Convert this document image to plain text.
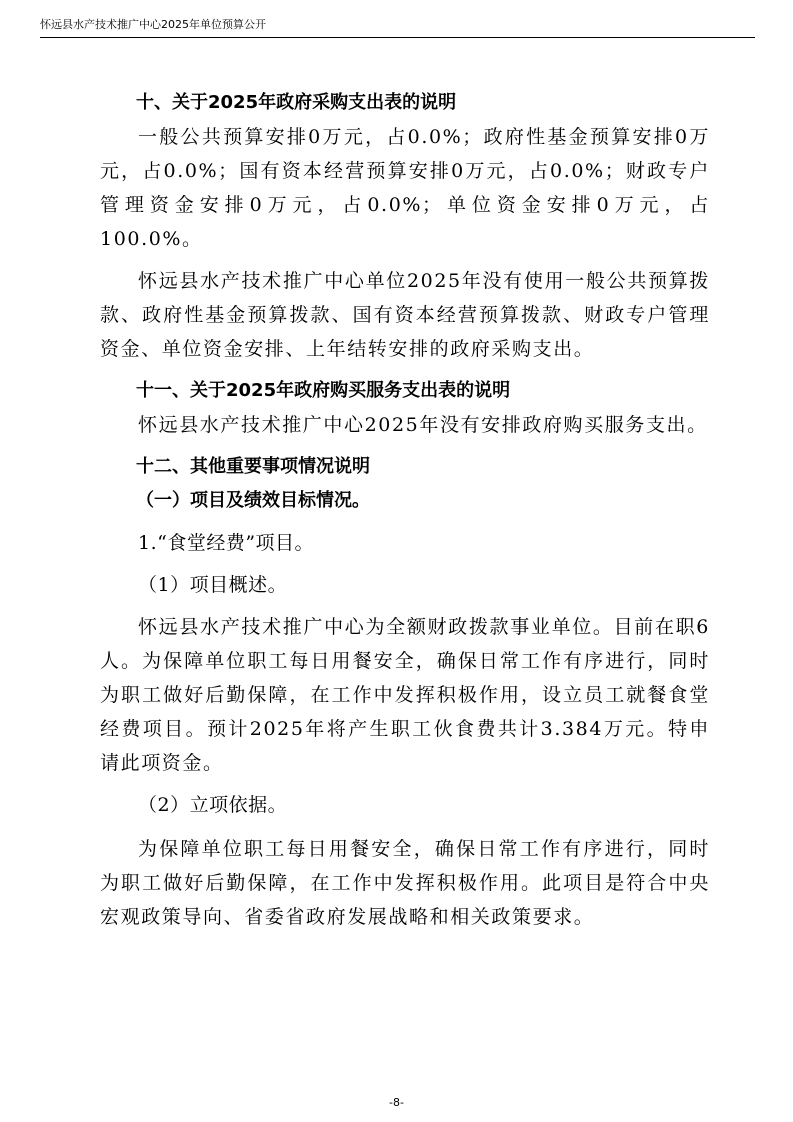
怀远县水产技术推广中心2025年单位预算公开
十、关于2025年政府采购支出表的说明
一般公共预算安排0万元，占0.0%；政府性基金预算安排0万元，占0.0%；国有资本经营预算安排0万元，占0.0%；财政专户管理资金安排0万元，占0.0%；单位资金安排0万元，占100.0%。
怀远县水产技术推广中心单位2025年没有使用一般公共预算拨款、政府性基金预算拨款、国有资本经营预算拨款、财政专户管理资金、单位资金安排、上年结转安排的政府采购支出。
十一、关于2025年政府购买服务支出表的说明
怀远县水产技术推广中心2025年没有安排政府购买服务支出。
十二、其他重要事项情况说明
（一）项目及绩效目标情况。
1.“食堂经费”项目。
（1）项目概述。
怀远县水产技术推广中心为全额财政拨款事业单位。目前在职6人。为保障单位职工每日用餐安全，确保日常工作有序进行，同时为职工做好后勤保障，在工作中发挥积极作用，设立员工就餐食堂经费项目。预计2025年将产生职工伙食费共计3.384万元。特申请此项资金。
（2）立项依据。
为保障单位职工每日用餐安全，确保日常工作有序进行，同时为职工做好后勤保障，在工作中发挥积极作用。此项目是符合中央宏观政策导向、省委省政府发展战略和相关政策要求。
-8-
